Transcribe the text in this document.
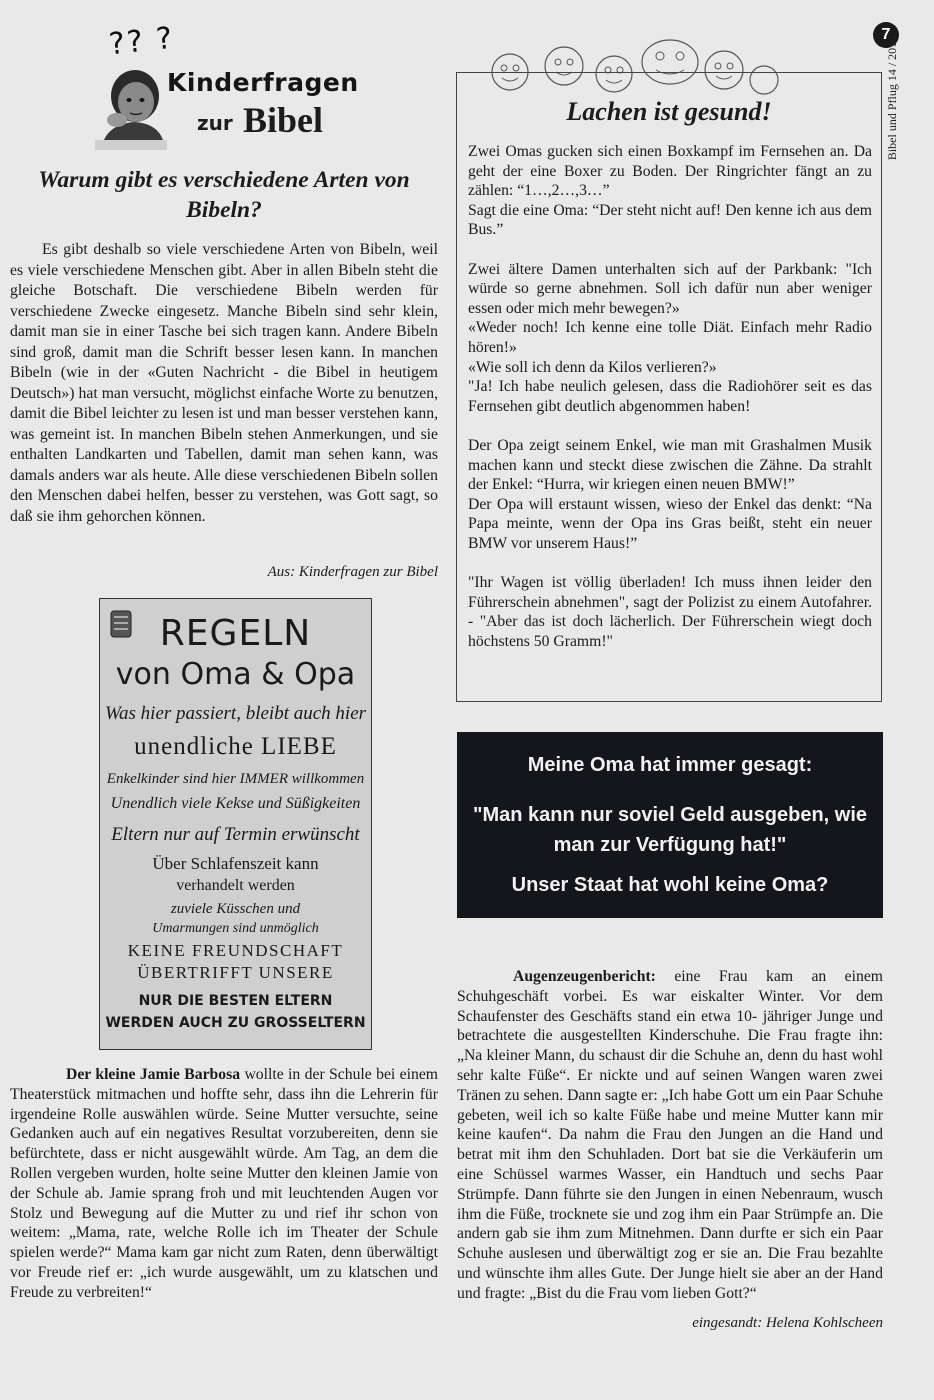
?? ?
Kinderfragen
zur Bibel
7
Bibel und Pflug 14 / 2016
Warum gibt es verschiedene Arten von Bibeln?

Es gibt deshalb so viele verschiedene Arten von Bibeln, weil es viele verschiedene Menschen gibt. Aber in allen Bibeln steht die gleiche Botschaft. Die verschiedene Bibeln werden für verschiedene Zwecke eingesetz. Manche Bibeln sind sehr klein, damit man sie in einer Tasche bei sich tragen kann. Andere Bibeln sind groß, damit man die Schrift besser lesen kann. In manchen Bibeln (wie in der «Guten Nachricht - die Bibel in heutigem Deutsch») hat man versucht, möglichst einfache Worte zu benutzen, damit die Bibel leichter zu lesen ist und man besser verstehen kann, was gemeint ist. In manchen Bibeln stehen Anmerkungen, und sie enthalten Landkarten und Tabellen, damit man sehen kann, was damals anders war als heute. Alle diese verschiedenen Bibeln sollen den Menschen dabei helfen, besser zu verstehen, was Gott sagt, so daß sie ihm gehorchen können.

Aus: Kinderfragen zur Bibel
REGELN
von Oma & Opa
Was hier passiert, bleibt auch hier
unendliche LIEBE
Enkelkinder sind hier IMMER willkommen
Unendlich viele Kekse und Süßigkeiten
Eltern nur auf Termin erwünscht
Über Schlafenszeit kann
verhandelt werden
zuviele Küsschen und
Umarmungen sind unmöglich
KEINE FREUNDSCHAFT
ÜBERTRIFFT UNSERE
NUR DIE BESTEN ELTERN
WERDEN AUCH ZU GROSSELTERN

Der kleine Jamie Barbosa wollte in der Schule bei einem Theaterstück mitmachen und hoffte sehr, dass ihn die Lehrerin für irgendeine Rolle auswählen würde. Seine Mutter versuchte, seine Gedanken auch auf ein negatives Resultat vorzubereiten, denn sie befürchtete, dass er nicht ausgewählt würde. Am Tag, an dem die Rollen vergeben wurden, holte seine Mutter den kleinen Jamie von der Schule ab. Jamie sprang froh und mit leuchtenden Augen vor Stolz und Bewegung auf die Mutter zu und rief ihr schon von weitem: „Mama, rate, welche Rolle ich im Theater der Schule spielen werde?“ Mama kam gar nicht zum Raten, denn überwältigt vor Freude rief er: „ich wurde ausgewählt, um zu klatschen und Freude zu verbreiten!“

Lachen ist gesund!

Zwei Omas gucken sich einen Boxkampf im Fernsehen an. Da geht der eine Boxer zu Boden. Der Ringrichter fängt an zu zählen: “1…,2…,3…”

Sagt die eine Oma: “Der steht nicht auf! Den kenne ich aus dem Bus.”

Zwei ältere Damen unterhalten sich auf der Parkbank: "Ich würde so gerne abnehmen. Soll ich dafür nun aber weniger essen oder mich mehr bewegen?»

«Weder noch! Ich kenne eine tolle Diät. Einfach mehr Radio hören!»

«Wie soll ich denn da Kilos verlieren?»

"Ja! Ich habe neulich gelesen, dass die Radiohörer seit es das Fernsehen gibt deutlich abgenommen haben!

Der Opa zeigt seinem Enkel, wie man mit Grashalmen Musik machen kann und steckt diese zwischen die Zähne. Da strahlt der Enkel: “Hurra, wir kriegen einen neuen BMW!”

Der Opa will erstaunt wissen, wieso der Enkel das denkt: “Na Papa meinte, wenn der Opa ins Gras beißt, steht ein neuer BMW vor unserem Haus!”

"Ihr Wagen ist völlig überladen! Ich muss ihnen leider den Führerschein abnehmen", sagt der Polizist zu einem Autofahrer. - "Aber das ist doch lächerlich. Der Führerschein wiegt doch höchstens 50 Gramm!"

Meine Oma hat immer gesagt:
"Man kann nur soviel Geld ausgeben, wie man zur Verfügung hat!"
Unser Staat hat wohl keine Oma?

Augenzeugenbericht: eine Frau kam an einem Schuhgeschäft vorbei. Es war eiskalter Winter. Vor dem Schaufenster des Geschäfts stand ein etwa 10- jähriger Junge und betrachtete die ausgestellten Kinderschuhe. Die Frau fragte ihn: „Na kleiner Mann, du schaust dir die Schuhe an, denn du hast wohl sehr kalte Füße“. Er nickte und auf seinen Wangen waren zwei Tränen zu sehen. Dann sagte er: „Ich habe Gott um ein Paar Schuhe gebeten, weil ich so kalte Füße habe und meine Mutter kann mir keine kaufen“. Da nahm die Frau den Jungen an die Hand und betrat mit ihm den Schuhladen. Dort bat sie die Verkäuferin um eine Schüssel warmes Wasser, ein Handtuch und sechs Paar Strümpfe. Dann führte sie den Jungen in einen Nebenraum, wusch ihm die Füße, trocknete sie und zog ihm ein Paar Strümpfe an. Die andern gab sie ihm zum Mitnehmen. Dann durfte er sich ein Paar Schuhe auslesen und überwältigt zog er sie an. Die Frau bezahlte und wünschte ihm alles Gute. Der Junge hielt sie aber an der Hand und fragte: „Bist du die Frau vom lieben Gott?“

eingesandt: Helena Kohlscheen
